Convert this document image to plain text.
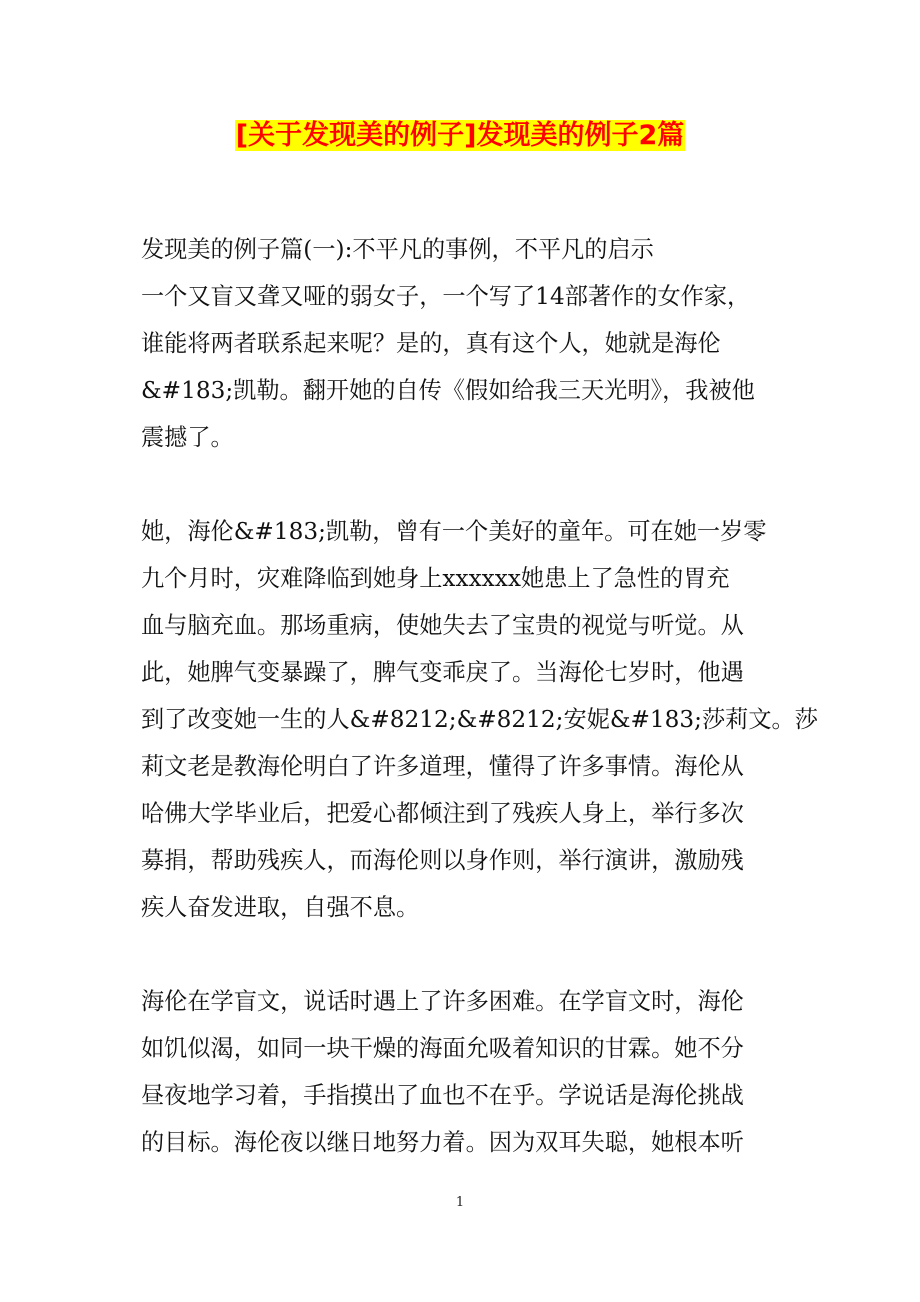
[关于发现美的例子]发现美的例子2篇
发现美的例子篇(一):不平凡的事例，不平凡的启示
一个又盲又聋又哑的弱女子，一个写了14部著作的女作家，
谁能将两者联系起来呢？是的，真有这个人，她就是海伦
&#183;凯勒。翻开她的自传《假如给我三天光明》，我被他
震撼了。
她，海伦&#183;凯勒，曾有一个美好的童年。可在她一岁零
九个月时，灾难降临到她身上xxxxxx她患上了急性的胃充
血与脑充血。那场重病，使她失去了宝贵的视觉与听觉。从
此，她脾气变暴躁了，脾气变乖戾了。当海伦七岁时，他遇
到了改变她一生的人&#8212;&#8212;安妮&#183;莎莉文。莎
莉文老是教海伦明白了许多道理，懂得了许多事情。海伦从
哈佛大学毕业后，把爱心都倾注到了残疾人身上，举行多次
募捐，帮助残疾人，而海伦则以身作则，举行演讲，激励残
疾人奋发进取，自强不息。
海伦在学盲文，说话时遇上了许多困难。在学盲文时，海伦
如饥似渴，如同一块干燥的海面允吸着知识的甘霖。她不分
昼夜地学习着，手指摸出了血也不在乎。学说话是海伦挑战
的目标。海伦夜以继日地努力着。因为双耳失聪，她根本听
1
